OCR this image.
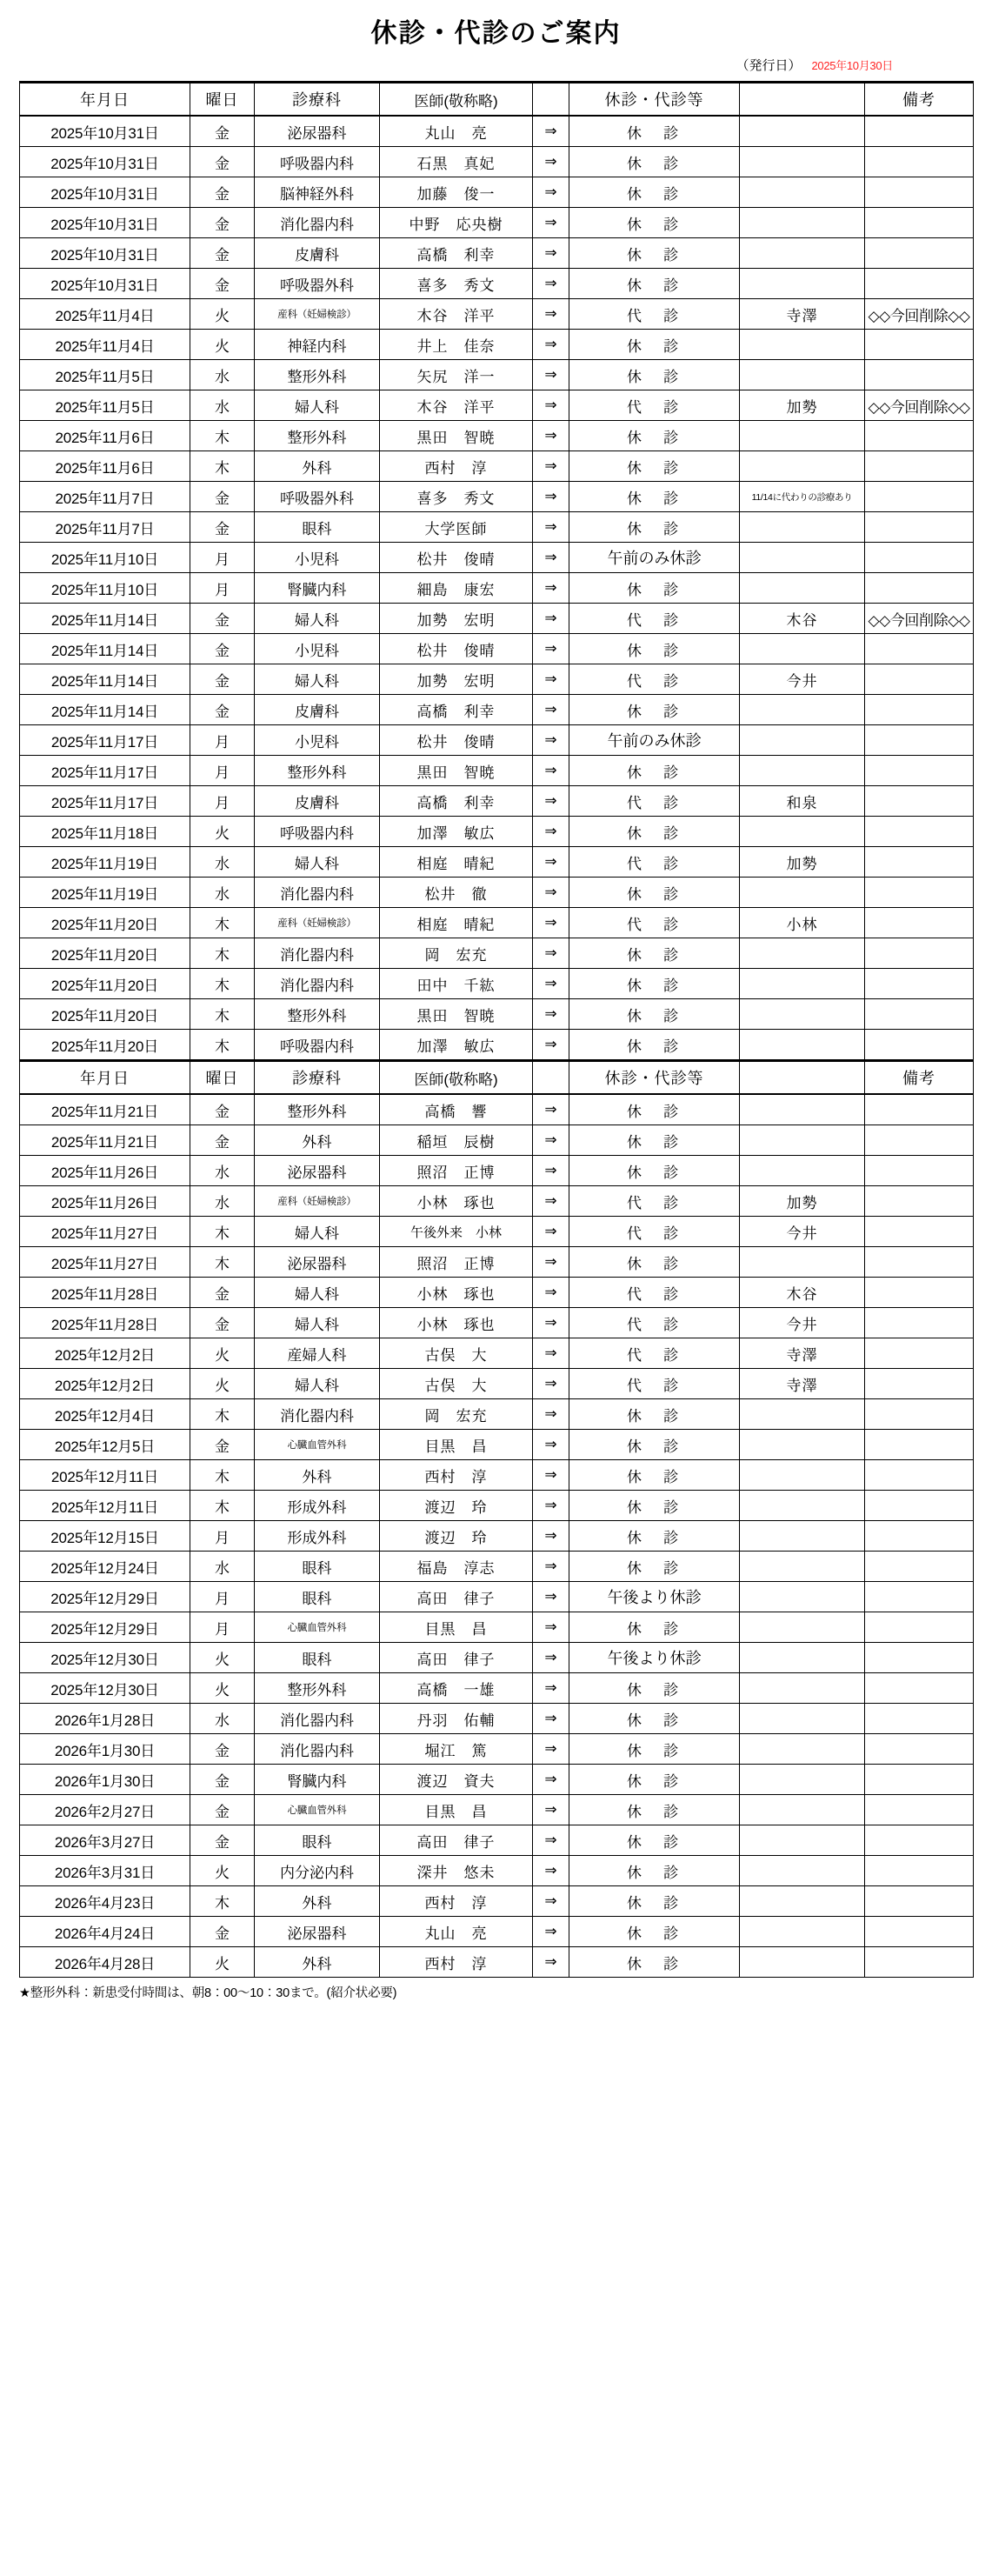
休診・代診のご案内
（発行日） 2025年10月30日
年月日	曜日	診療科	医師(敬称略)		休診・代診等		備考
2025年10月31日	金	泌尿器科	丸山　亮	⇒	休　診		
2025年10月31日	金	呼吸器内科	石黒　真妃	⇒	休　診		
2025年10月31日	金	脳神経外科	加藤　俊一	⇒	休　診		
2025年10月31日	金	消化器内科	中野　応央樹	⇒	休　診		
2025年10月31日	金	皮膚科	高橋　利幸	⇒	休　診		
2025年10月31日	金	呼吸器外科	喜多　秀文	⇒	休　診		
2025年11月4日	火	産科（妊婦検診）	木谷　洋平	⇒	代　診	寺澤	◇◇今回削除◇◇
2025年11月4日	火	神経内科	井上　佳奈	⇒	休　診		
2025年11月5日	水	整形外科	矢尻　洋一	⇒	休　診		
2025年11月5日	水	婦人科	木谷　洋平	⇒	代　診	加勢	◇◇今回削除◇◇
2025年11月6日	木	整形外科	黒田　智暁	⇒	休　診		
2025年11月6日	木	外科	西村　淳	⇒	休　診		
2025年11月7日	金	呼吸器外科	喜多　秀文	⇒	休　診	11/14に代わりの診療あり	
2025年11月7日	金	眼科	大学医師	⇒	休　診		
2025年11月10日	月	小児科	松井　俊晴	⇒	午前のみ休診		
2025年11月10日	月	腎臓内科	細島　康宏	⇒	休　診		
2025年11月14日	金	婦人科	加勢　宏明	⇒	代　診	木谷	◇◇今回削除◇◇
2025年11月14日	金	小児科	松井　俊晴	⇒	休　診		
2025年11月14日	金	婦人科	加勢　宏明	⇒	代　診	今井	
2025年11月14日	金	皮膚科	高橋　利幸	⇒	休　診		
2025年11月17日	月	小児科	松井　俊晴	⇒	午前のみ休診		
2025年11月17日	月	整形外科	黒田　智暁	⇒	休　診		
2025年11月17日	月	皮膚科	高橋　利幸	⇒	代　診	和泉	
2025年11月18日	火	呼吸器内科	加澤　敏広	⇒	休　診		
2025年11月19日	水	婦人科	相庭　晴紀	⇒	代　診	加勢	
2025年11月19日	水	消化器内科	松井　徹	⇒	休　診		
2025年11月20日	木	産科（妊婦検診）	相庭　晴紀	⇒	代　診	小林	
2025年11月20日	木	消化器内科	岡　宏充	⇒	休　診		
2025年11月20日	木	消化器内科	田中　千紘	⇒	休　診		
2025年11月20日	木	整形外科	黒田　智暁	⇒	休　診		
2025年11月20日	木	呼吸器内科	加澤　敏広	⇒	休　診		
年月日	曜日	診療科	医師(敬称略)		休診・代診等		備考
2025年11月21日	金	整形外科	高橋　響	⇒	休　診		
2025年11月21日	金	外科	稲垣　辰樹	⇒	休　診		
2025年11月26日	水	泌尿器科	照沼　正博	⇒	休　診		
2025年11月26日	水	産科（妊婦検診）	小林　琢也	⇒	代　診	加勢	
2025年11月27日	木	婦人科	午後外来　小林	⇒	代　診	今井	
2025年11月27日	木	泌尿器科	照沼　正博	⇒	休　診		
2025年11月28日	金	婦人科	小林　琢也	⇒	代　診	木谷	
2025年11月28日	金	婦人科	小林　琢也	⇒	代　診	今井	
2025年12月2日	火	産婦人科	古俣　大	⇒	代　診	寺澤	
2025年12月2日	火	婦人科	古俣　大	⇒	代　診	寺澤	
2025年12月4日	木	消化器内科	岡　宏充	⇒	休　診		
2025年12月5日	金	心臓血管外科	目黒　昌	⇒	休　診		
2025年12月11日	木	外科	西村　淳	⇒	休　診		
2025年12月11日	木	形成外科	渡辺　玲	⇒	休　診		
2025年12月15日	月	形成外科	渡辺　玲	⇒	休　診		
2025年12月24日	水	眼科	福島　淳志	⇒	休　診		
2025年12月29日	月	眼科	高田　律子	⇒	午後より休診		
2025年12月29日	月	心臓血管外科	目黒　昌	⇒	休　診		
2025年12月30日	火	眼科	高田　律子	⇒	午後より休診		
2025年12月30日	火	整形外科	高橋　一雄	⇒	休　診		
2026年1月28日	水	消化器内科	丹羽　佑輔	⇒	休　診		
2026年1月30日	金	消化器内科	堀江　篤	⇒	休　診		
2026年1月30日	金	腎臓内科	渡辺　資夫	⇒	休　診		
2026年2月27日	金	心臓血管外科	目黒　昌	⇒	休　診		
2026年3月27日	金	眼科	高田　律子	⇒	休　診		
2026年3月31日	火	内分泌内科	深井　悠未	⇒	休　診		
2026年4月23日	木	外科	西村　淳	⇒	休　診		
2026年4月24日	金	泌尿器科	丸山　亮	⇒	休　診		
2026年4月28日	火	外科	西村　淳	⇒	休　診		
★整形外科：新患受付時間は、朝8：00～10：30まで。(紹介状必要)
